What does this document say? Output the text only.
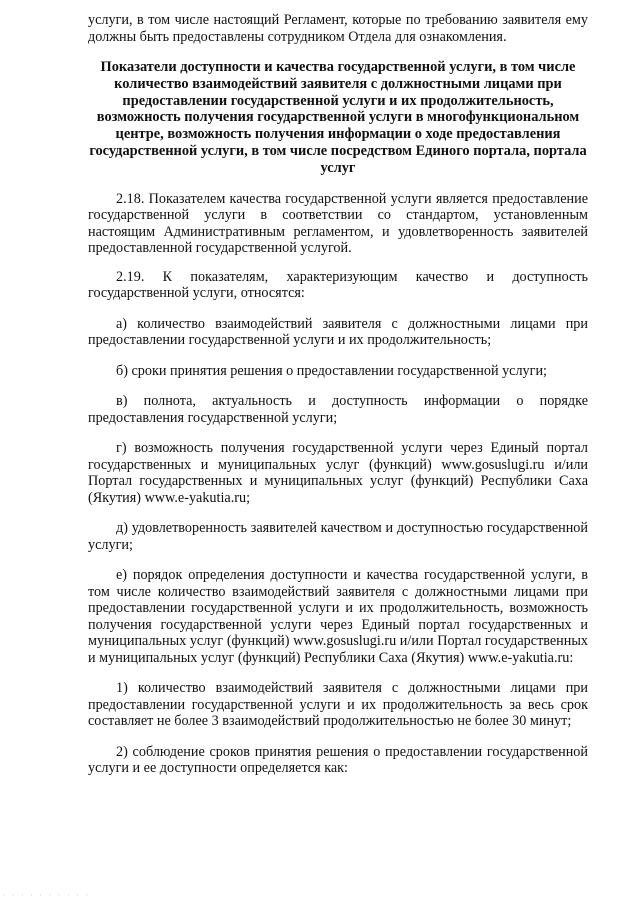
услуги, в том числе настоящий Регламент, которые по требованию заявителя ему должны быть предоставлены сотрудником Отдела для ознакомления.

Показатели доступности и качества государственной услуги, в том числе количество взаимодействий заявителя с должностными лицами при предоставлении государственной услуги и их продолжительность, возможность получения государственной услуги в многофункциональном центре, возможность получения информации о ходе предоставления государственной услуги, в том числе посредством Единого портала, портала услуг

2.18. Показателем качества государственной услуги является предоставление государственной услуги в соответствии со стандартом, установленным настоящим Административным регламентом, и удовлетворенность заявителей предоставленной государственной услугой.

2.19. К показателям, характеризующим качество и доступность государственной услуги, относятся:

а) количество взаимодействий заявителя с должностными лицами при предоставлении государственной услуги и их продолжительность;

б) сроки принятия решения о предоставлении государственной услуги;

в) полнота, актуальность и доступность информации о порядке предоставления государственной услуги;

г) возможность получения государственной услуги через Единый портал государственных и муниципальных услуг (функций) www.gosuslugi.ru и/или Портал государственных и муниципальных услуг (функций) Республики Саха (Якутия) www.e-yakutia.ru;

д) удовлетворенность заявителей качеством и доступностью государственной услуги;

е) порядок определения доступности и качества государственной услуги, в том числе количество взаимодействий заявителя с должностными лицами при предоставлении государственной услуги и их продолжительность, возможность получения государственной услуги через Единый портал государственных и муниципальных услуг (функций) www.gosuslugi.ru и/или Портал государственных и муниципальных услуг (функций) Республики Саха (Якутия) www.e-yakutia.ru:

1) количество взаимодействий заявителя с должностными лицами при предоставлении государственной услуги и их продолжительность за весь срок составляет не более 3 взаимодействий продолжительностью не более 30 минут;

2) соблюдение сроков принятия решения о предоставлении государственной услуги и ее доступности определяется как:

· · · · · · · · · ·
